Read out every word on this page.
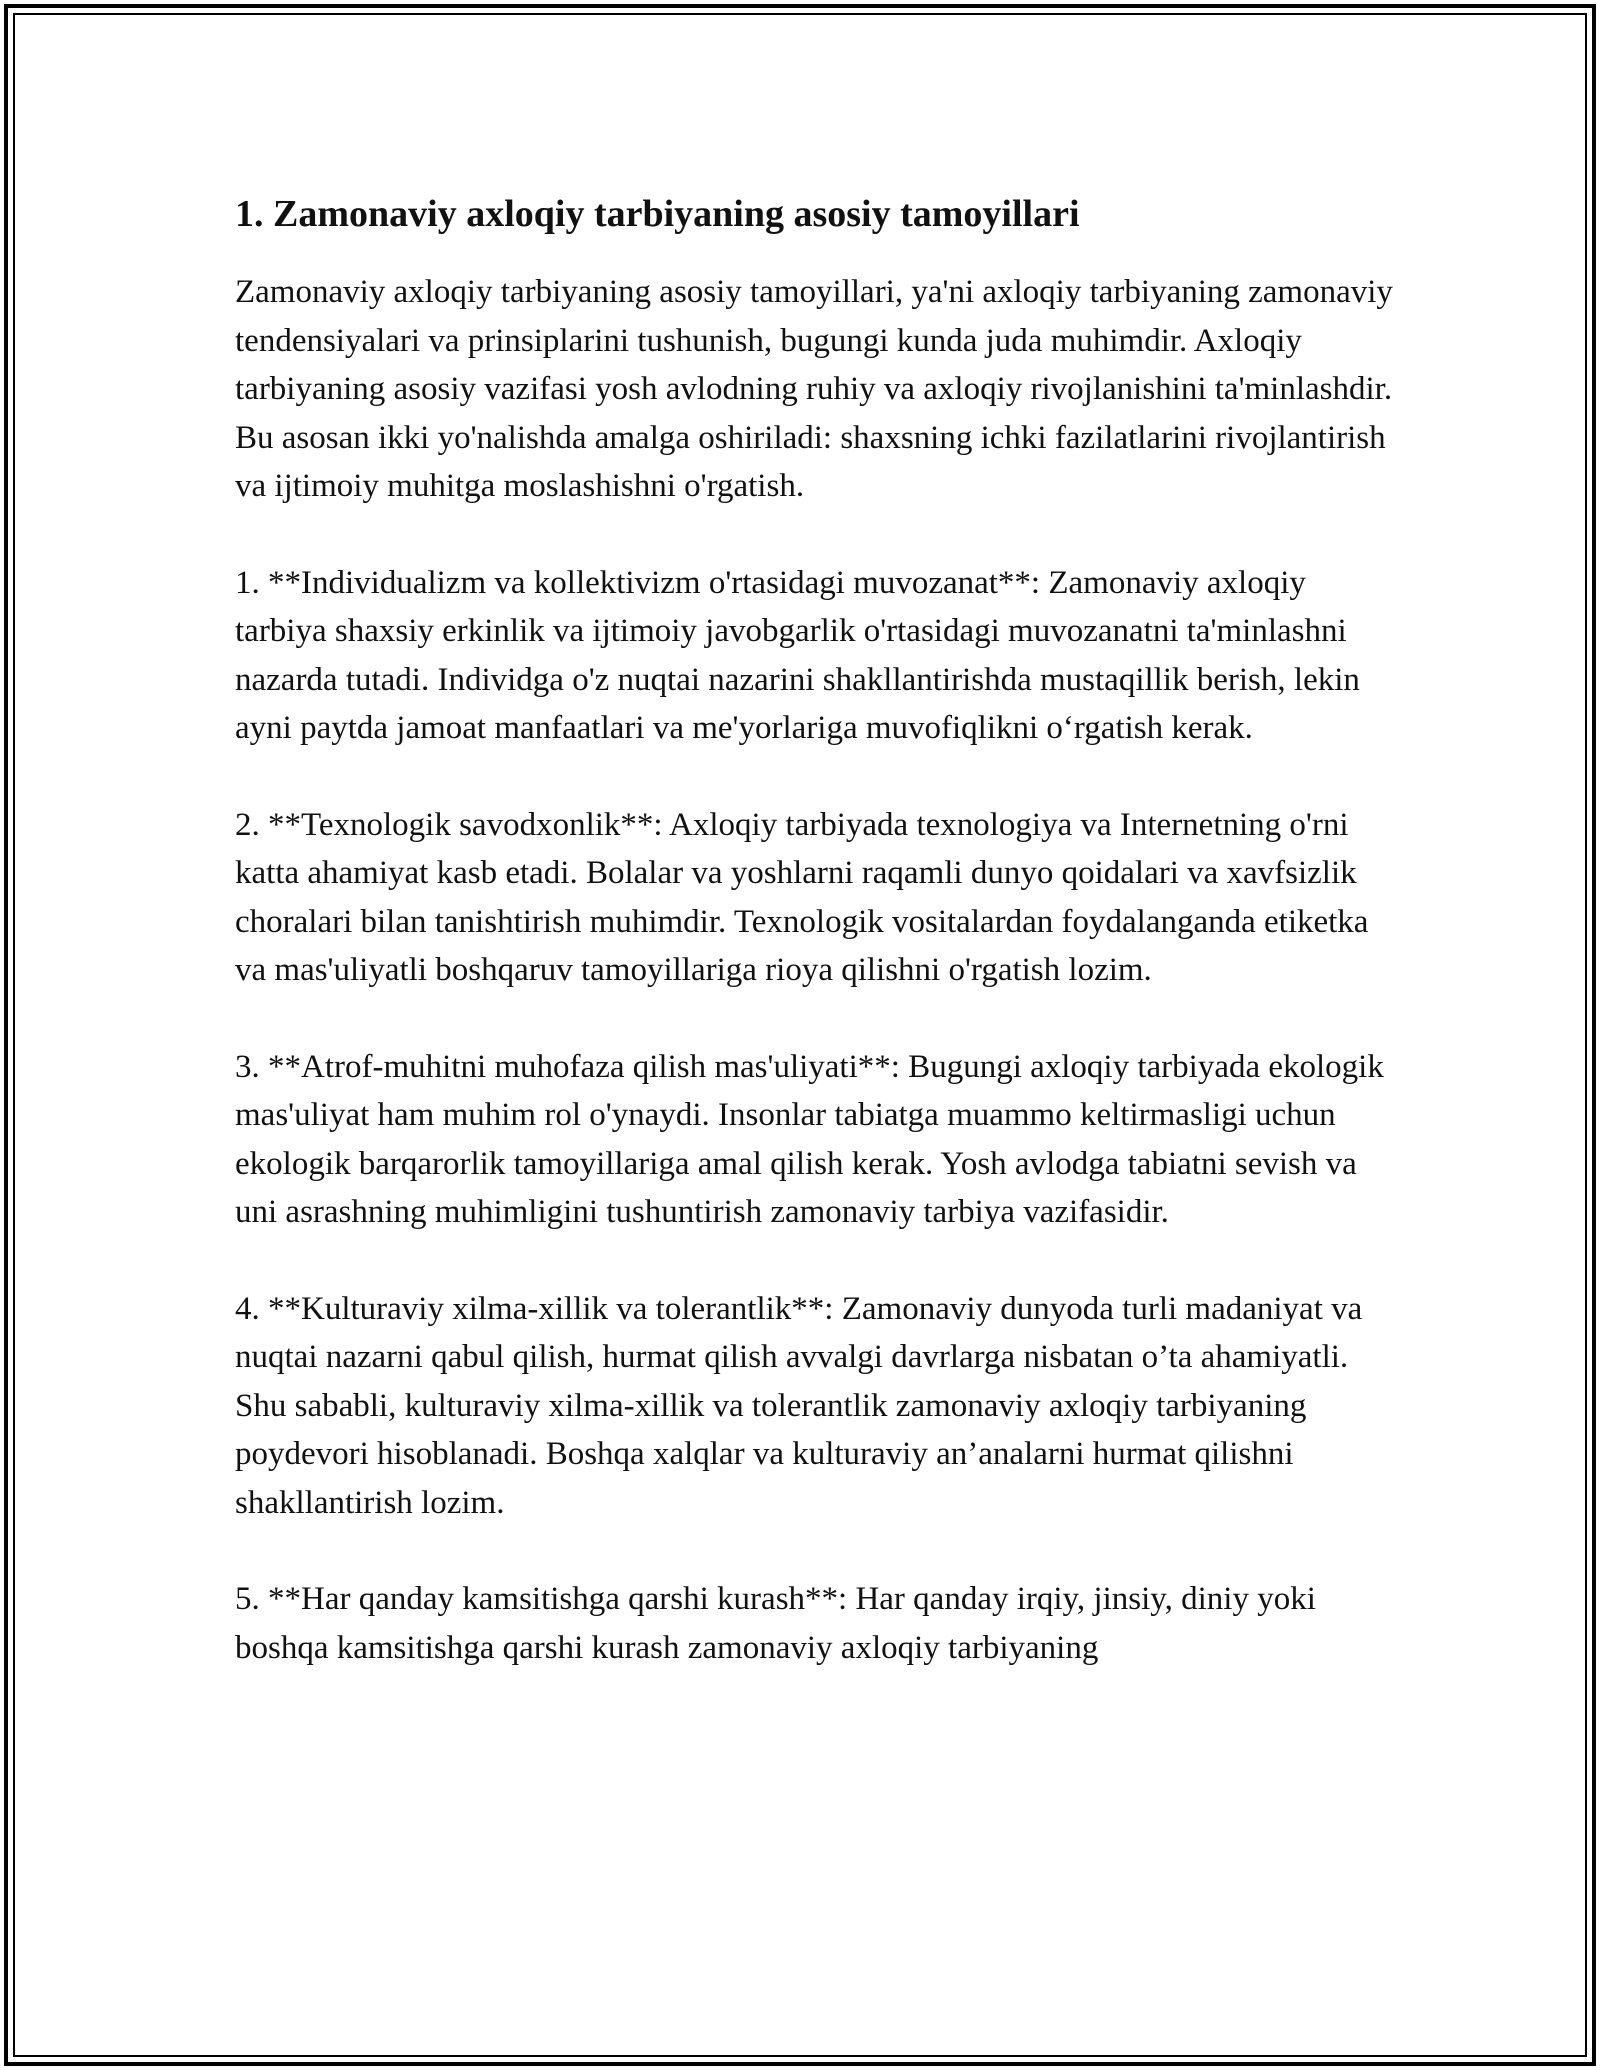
1. Zamonaviy axloqiy tarbiyaning asosiy tamoyillari

Zamonaviy axloqiy tarbiyaning asosiy tamoyillari, ya'ni axloqiy tarbiyaning zamonaviy tendensiyalari va prinsiplarini tushunish, bugungi kunda juda muhimdir. Axloqiy tarbiyaning asosiy vazifasi yosh avlodning ruhiy va axloqiy rivojlanishini ta'minlashdir. Bu asosan ikki yo'nalishda amalga oshiriladi: shaxsning ichki fazilatlarini rivojlantirish va ijtimoiy muhitga moslashishni o'rgatish.

1. **Individualizm va kollektivizm o'rtasidagi muvozanat**: Zamonaviy axloqiy tarbiya shaxsiy erkinlik va ijtimoiy javobgarlik o'rtasidagi muvozanatni ta'minlashni nazarda tutadi. Individga o'z nuqtai nazarini shakllantirishda mustaqillik berish, lekin ayni paytda jamoat manfaatlari va me'yorlariga muvofiqlikni o‘rgatish kerak.

2. **Texnologik savodxonlik**: Axloqiy tarbiyada texnologiya va Internetning o'rni katta ahamiyat kasb etadi. Bolalar va yoshlarni raqamli dunyo qoidalari va xavfsizlik choralari bilan tanishtirish muhimdir. Texnologik vositalardan foydalanganda etiketka va mas'uliyatli boshqaruv tamoyillariga rioya qilishni o'rgatish lozim.

3. **Atrof-muhitni muhofaza qilish mas'uliyati**: Bugungi axloqiy tarbiyada ekologik mas'uliyat ham muhim rol o'ynaydi. Insonlar tabiatga muammo keltirmasligi uchun ekologik barqarorlik tamoyillariga amal qilish kerak. Yosh avlodga tabiatni sevish va uni asrashning muhimligini tushuntirish zamonaviy tarbiya vazifasidir.

4. **Kulturaviy xilma-xillik va tolerantlik**: Zamonaviy dunyoda turli madaniyat va nuqtai nazarni qabul qilish, hurmat qilish avvalgi davrlarga nisbatan o’ta ahamiyatli. Shu sababli, kulturaviy xilma-xillik va tolerantlik zamonaviy axloqiy tarbiyaning poydevori hisoblanadi. Boshqa xalqlar va kulturaviy an’analarni hurmat qilishni shakllantirish lozim.

5. **Har qanday kamsitishga qarshi kurash**: Har qanday irqiy, jinsiy, diniy yoki boshqa kamsitishga qarshi kurash zamonaviy axloqiy tarbiyaning
